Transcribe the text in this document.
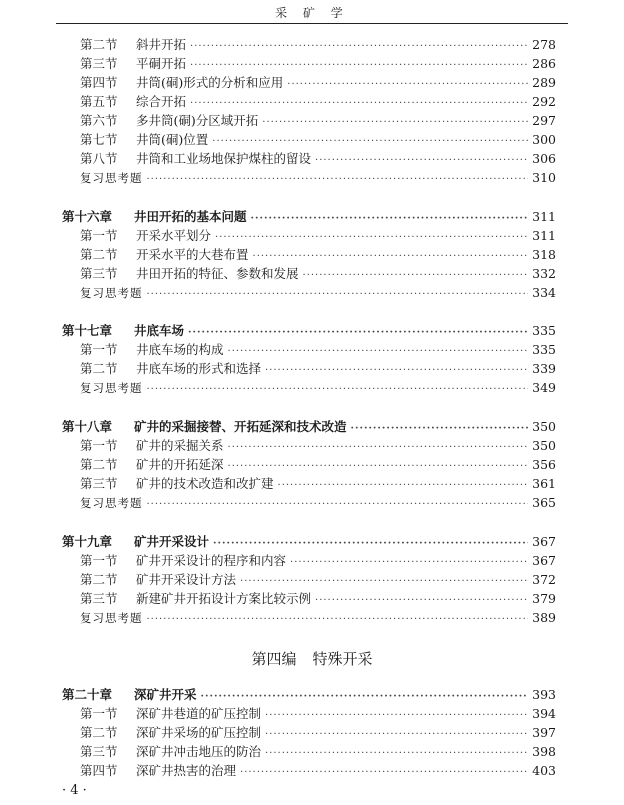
采 矿 学
第二节	斜井开拓 ·····	278
第三节	平硐开拓 ·····	286
第四节	井筒(硐)形式的分析和应用 ·····	289
第五节	综合开拓 ·····	292
第六节	多井筒(硐)分区域开拓 ·····	297
第七节	井筒(硐)位置 ·····	300
第八节	井筒和工业场地保护煤柱的留设 ·····	306
复习思考题 ·····	310
第十六章	井田开拓的基本问题 ·····	311
第一节	开采水平划分 ·····	311
第二节	开采水平的大巷布置 ·····	318
第三节	井田开拓的特征、参数和发展 ·····	332
复习思考题 ·····	334
第十七章	井底车场 ·····	335
第一节	井底车场的构成 ·····	335
第二节	井底车场的形式和选择 ·····	339
复习思考题 ·····	349
第十八章	矿井的采掘接替、开拓延深和技术改造 ·····	350
第一节	矿井的采掘关系 ·····	350
第二节	矿井的开拓延深 ·····	356
第三节	矿井的技术改造和改扩建 ·····	361
复习思考题 ·····	365
第十九章	矿井开采设计 ·····	367
第一节	矿井开采设计的程序和内容 ·····	367
第二节	矿井开采设计方法 ·····	372
第三节	新建矿井开拓设计方案比较示例 ·····	379
复习思考题 ·····	389
第四编 特殊开采
第二十章	深矿井开采 ·····	393
第一节	深矿井巷道的矿压控制 ·····	394
第二节	深矿井采场的矿压控制 ·····	397
第三节	深矿井冲击地压的防治 ·····	398
第四节	深矿井热害的治理 ·····	403
· 4 ·
